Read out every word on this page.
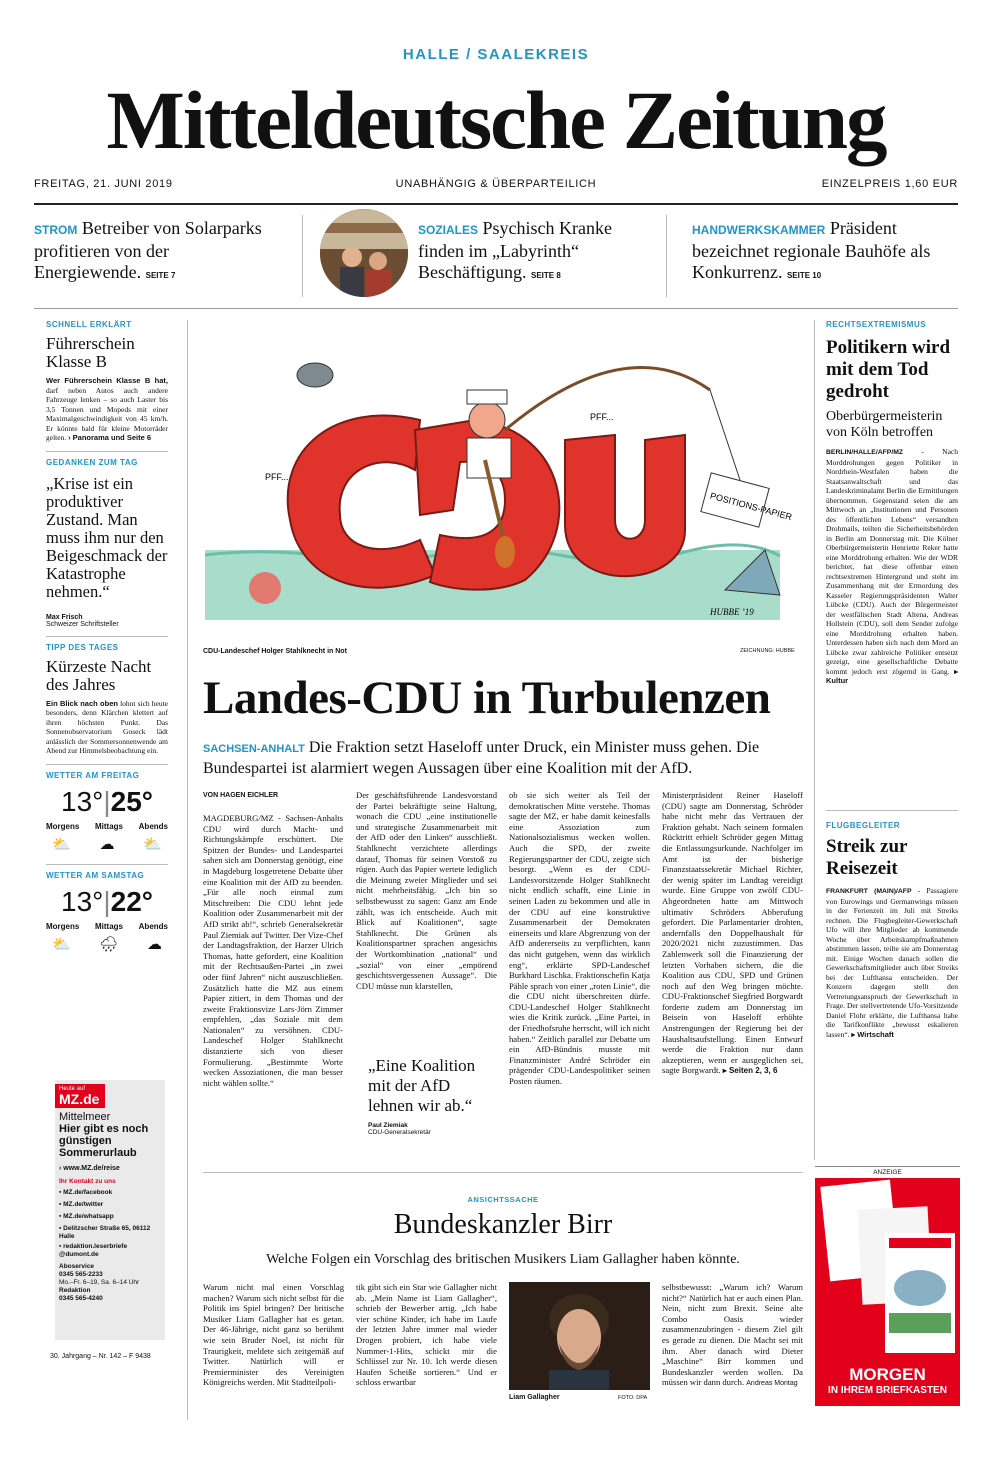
HALLE / SAALEKREIS
Mitteldeutsche Zeitung
FREITAG, 21. JUNI 2019	UNABHÄNGIG & ÜBERPARTEILICH	EINZELPREIS 1,60 EUR
STROM Betreiber von Solarparks profitieren von der Energiewende. SEITE 7
SOZIALES Psychisch Kranke finden im „Labyrinth“ Beschäftigung. SEITE 8
HANDWERKSKAMMER Präsident bezeichnet regionale Bauhöfe als Konkurrenz. SEITE 10
SCHNELL ERKLÄRT
Führerschein Klasse B
Wer Führerschein Klasse B hat, darf neben Autos auch andere Fahrzeuge lenken – so auch Laster bis 3,5 Tonnen und Mopeds mit einer Maximalgeschwindigkeit von 45 km/h. Er könnte bald für kleine Motorräder gelten. › Panorama und Seite 6
GEDANKEN ZUM TAG
„Krise ist ein produktiver Zustand. Man muss ihm nur den Beigeschmack der Katastrophe nehmen.“
Max Frisch
Schweizer Schriftsteller
TIPP DES TAGES
Kürzeste Nacht des Jahres
Ein Blick nach oben lohnt sich heute besonders, denn Klärchen klettert auf ihren höchsten Punkt. Das Sonnenobservatorium Goseck lädt anlässlich der Sommersonnenwende am Abend zur Himmelsbeobachtung ein.
WETTER AM FREITAG
13°|25°
Morgens Mittags Abends
⛅ ☁ ⛅
WETTER AM SAMSTAG
13°|22°
Morgens Mittags Abends
⛅ 🌧 ☁
Heute auf
MZ.de
Mittelmeer
Hier gibt es noch günstigen Sommerurlaub
› www.MZ.de/reise
Ihr Kontakt zu uns
▪ MZ.de/facebook
▪ MZ.de/twitter
▪ MZ.de/whatsapp
▪ Delitzscher Straße 65, 06112 Halle
▪ redaktion.leserbriefe @dumont.de
Aboservice
0345 565-2233
Mo.–Fr. 6–19, Sa. 6–14 Uhr
Redaktion
0345 565-4240
30. Jahrgang – Nr. 142 – F 9438
POSITIONS-PAPIER
PFF...
PFF...
HUBBE ʼ19
CDU-Landeschef Holger Stahlknecht in Not	ZEICHNUNG: HUBBE
Landes-CDU in Turbulenzen
SACHSEN-ANHALT Die Fraktion setzt Haseloff unter Druck, ein Minister muss gehen. Die Bundespartei ist alarmiert wegen Aussagen über eine Koalition mit der AfD.
VON HAGEN EICHLER
MAGDEBURG/MZ - Sachsen-Anhalts CDU wird durch Macht- und Richtungskämpfe erschüttert. Die Spitzen der Bundes- und Landespartei sahen sich am Donnerstag genötigt, eine in Magdeburg losgetretene Debatte über eine Koalition mit der AfD zu beenden. „Für alle noch einmal zum Mitschreiben: Die CDU lehnt jede Koalition oder Zusammenarbeit mit der AfD strikt ab!“, schrieb Generalsekretär Paul Ziemiak auf Twitter. Der Vize-Chef der Landtagsfraktion, der Harzer Ulrich Thomas, hatte gefordert, eine Koalition mit der Rechtsaußen-Partei „in zwei oder fünf Jahren“ nicht auszuschließen. Zusätzlich hatte die MZ aus einem Papier zitiert, in dem Thomas und der zweite Fraktionsvize Lars-Jörn Zimmer empfehlen, „das Soziale mit dem Nationalen“ zu versöhnen. CDU-Landeschef Holger Stahlknecht distanzierte sich von dieser Formulierung. „Bestimmte Worte wecken Assoziationen, die man besser nicht wählen sollte.“
Der geschäftsführende Landesvorstand der Partei bekräftigte seine Haltung, wonach die CDU „eine institutionelle und strategische Zusammenarbeit mit der AfD oder den Linken“ ausschließt. Stahlknecht verzichtete allerdings darauf, Thomas für seinen Vorstoß zu rügen. Auch das Papier wertete lediglich die Meinung zweier Mitglieder und sei nicht mehrheitsfähig. „Ich bin so selbstbewusst zu sagen: Ganz am Ende zählt, was ich entscheide. Auch mit Blick auf Koalitionen“, sagte Stahlknecht. Die Grünen als Koalitionspartner sprachen angesichts der Wortkombination „national“ und „sozial“ von einer „empörend geschichtsvergessenen Aussage“. Die CDU müsse nun klarstellen,
„Eine Koalition mit der AfD lehnen wir ab.“
Paul Ziemiak
CDU-Generalsekretär
ob sie sich weiter als Teil der demokratischen Mitte verstehe. Thomas sagte der MZ, er habe damit keinesfalls eine Assoziation zum Nationalsozialismus wecken wollen. Auch die SPD, der zweite Regierungspartner der CDU, zeigte sich besorgt. „Wenn es der CDU-Landesvorsitzende Holger Stahlknecht nicht endlich schafft, eine Linie in seinen Laden zu bekommen und alle in der CDU auf eine konstruktive Zusammenarbeit der Demokraten einerseits und klare Abgrenzung von der AfD andererseits zu verpflichten, kann das nicht gutgehen, wenn das wirklich eng“, erklärte SPD-Landeschef Burkhard Lischka. Fraktionschefin Katja Pähle sprach von einer „roten Linie“, die die CDU nicht überschreiten dürfe. CDU-Landeschef Holger Stahlknecht wies die Kritik zurück. „Eine Partei, in der Friedhofsruhe herrscht, will ich nicht haben.“ Zeitlich parallel zur Debatte um ein AfD-Bündnis musste mit Finanzminister André Schröder ein prägender CDU-Landespolitiker seinen Posten räumen.
Ministerpräsident Reiner Haseloff (CDU) sagte am Donnerstag, Schröder habe nicht mehr das Vertrauen der Fraktion gehabt. Nach seinem formalen Rücktritt erhielt Schröder gegen Mittag die Entlassungsurkunde. Nachfolger im Amt ist der bisherige Finanzstaatssekretär Michael Richter, der wenig später im Landtag vereidigt wurde. Eine Gruppe von zwölf CDU-Abgeordneten hatte am Mittwoch ultimativ Schröders Abberufung gefordert. Die Parlamentarier drohten, andernfalls den Doppelhaushalt für 2020/2021 nicht zuzustimmen. Das Zahlenwerk soll die Finanzierung der letzten Vorhaben sichern, die die Koalition aus CDU, SPD und Grünen noch auf den Weg bringen möchte. CDU-Fraktionschef Siegfried Borgwardt forderte zudem am Donnerstag im Beisein von Haseloff erhöhte Anstrengungen der Regierung bei der Haushaltsaufstellung. Einen Entwurf werde die Fraktion nur dann akzeptieren, wenn er ausgeglichen sei, sagte Borgwardt. ▸ Seiten 2, 3, 6
RECHTSEXTREMISMUS
Politikern wird mit dem Tod gedroht
Oberbürgermeisterin von Köln betroffen
BERLIN/HALLE/AFP/MZ - Nach Morddrohungen gegen Politiker in Nordrhein-Westfalen haben die Staatsanwaltschaft und das Landeskriminalamt Berlin die Ermittlungen übernommen. Gegenstand seien die am Mittwoch an „Institutionen und Personen des öffentlichen Lebens“ versandten Drohmails, teilten die Sicherheitsbehörden in Berlin am Donnerstag mit. Die Kölner Oberbürgermeisterin Henriette Reker hatte eine Morddrohung erhalten. Wie der WDR berichtet, hat diese offenbar einen rechtsextremen Hintergrund und steht im Zusammenhang mit der Ermordung des Kasseler Regierungspräsidenten Walter Lübcke (CDU). Auch der Bürgermeister der westfälischen Stadt Altena, Andreas Hollstein (CDU), soll dem Sender zufolge eine Morddrohung erhalten haben. Unterdessen haben sich nach dem Mord an Lübcke zwar zahlreiche Politiker entsetzt gezeigt, eine gesellschaftliche Debatte kommt jedoch erst zögernd in Gang. ▸ Kultur
FLUGBEGLEITER
Streik zur Reisezeit
FRANKFURT (MAIN)/AFP - Passagiere von Eurowings und Germanwings müssen in der Ferienzeit im Juli mit Streiks rechnen. Die Flugbegleiter-Gewerkschaft Ufo will ihre Mitglieder ab kommende Woche über Arbeitskampfmaßnahmen abstimmen lassen, teilte sie am Donnerstag mit. Einige Wochen danach sollen die Gewerkschaftsmitglieder auch über Streiks bei der Lufthansa entscheiden. Der Konzern dagegen stellt den Vertretungsanspruch der Gewerkschaft in Frage. Der stellvertretende Ufo-Vorsitzende Daniel Flohr erklärte, die Lufthansa habe die Tarifkonflikte „bewusst eskalieren lassen“. ▸ Wirtschaft
ANZEIGE
MORGEN
IN IHREM BRIEFKASTEN
ANSICHTSSACHE
Bundeskanzler Birr
Welche Folgen ein Vorschlag des britischen Musikers Liam Gallagher haben könnte.
Warum nicht mal einen Vorschlag machen? Warum sich nicht selbst für die Politik ins Spiel bringen? Der britische Musiker Liam Gallagher hat es getan. Der 46-Jährige, nicht ganz so berühmt wie sein Bruder Noel, ist nicht für Traurigkeit, meldete sich zeitgemäß auf Twitter. Natürlich will er Premierminister des Vereinigten Königreichs werden. Mit Stadtteilpoli-
tik gibt sich ein Star wie Gallagher nicht ab. „Mein Name ist Liam Gallagher“, schrieb der Bewerber artig. „Ich habe vier schöne Kinder, ich habe im Laufe der letzten Jahre immer mal wieder Drogen probiert, ich habe viele Nummer-1-Hits, schickt mir die Schlüssel zur Nr. 10. Ich werde diesen Haufen Scheiße sortieren.“ Und er schloss erwartbar
Liam Gallagher	FOTO: DPA
selbstbewusst: „Warum ich? Warum nicht?“ Natürlich hat er auch einen Plan. Nein, nicht zum Brexit. Seine alte Combo Oasis wieder zusammenzubringen - diesem Ziel gilt es gerade zu dienen. Die Macht sei mit ihm. Aber danach wird Dieter „Maschine“ Birr kommen und Bundeskanzler werden wollen. Da müssen wir dann durch. Andreas Montag
